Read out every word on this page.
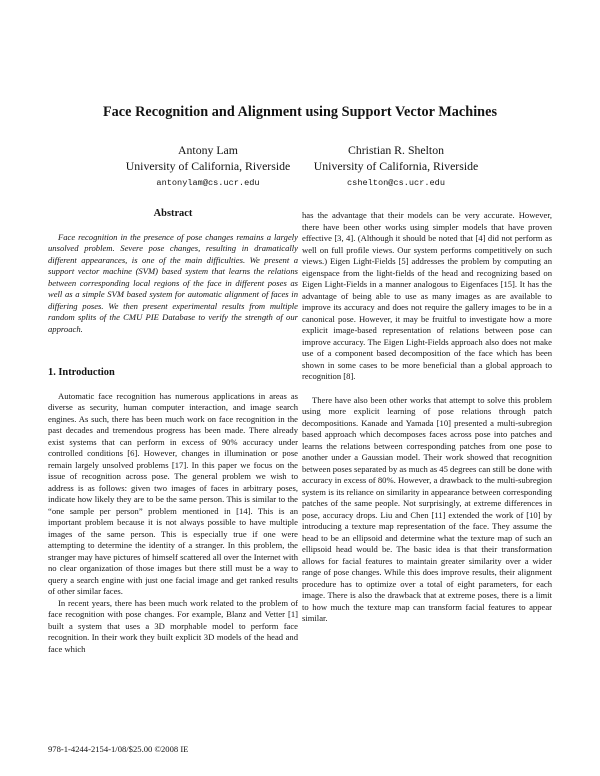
Face Recognition and Alignment using Support Vector Machines
Antony Lam
University of California, Riverside
antonylam@cs.ucr.edu
Christian R. Shelton
University of California, Riverside
cshelton@cs.ucr.edu
Abstract

Face recognition in the presence of pose changes remains a largely unsolved problem. Severe pose changes, resulting in dramatically different appearances, is one of the main difficulties. We present a support vector machine (SVM) based system that learns the relations between corresponding local regions of the face in different poses as well as a simple SVM based system for automatic alignment of faces in differing poses. We then present experimental results from multiple random splits of the CMU PIE Database to verify the strength of our approach.

1. Introduction

Automatic face recognition has numerous applications in areas as diverse as security, human computer interaction, and image search engines. As such, there has been much work on face recognition in the past decades and tremendous progress has been made. There already exist systems that can perform in excess of 90% accuracy under controlled conditions [6]. However, changes in illumination or pose remain largely unsolved problems [17]. In this paper we focus on the issue of recognition across pose. The general problem we wish to address is as follows: given two images of faces in arbitrary poses, indicate how likely they are to be the same person. This is similar to the “one sample per person” problem mentioned in [14]. This is an important problem because it is not always possible to have multiple images of the same person. This is especially true if one were attempting to determine the identity of a stranger. In this problem, the stranger may have pictures of himself scattered all over the Internet with no clear organization of those images but there still must be a way to query a search engine with just one facial image and get ranked results of other similar faces.

In recent years, there has been much work related to the problem of face recognition with pose changes. For example, Blanz and Vetter [1] built a system that uses a 3D morphable model to perform face recognition. In their work they built explicit 3D models of the head and face which

has the advantage that their models can be very accurate. However, there have been other works using simpler models that have proven effective [3, 4]. (Although it should be noted that [4] did not perform as well on full profile views. Our system performs competitively on such views.) Eigen Light-Fields [5] addresses the problem by computing an eigenspace from the light-fields of the head and recognizing based on Eigen Light-Fields in a manner analogous to Eigenfaces [15]. It has the advantage of being able to use as many images as are available to improve its accuracy and does not require the gallery images to be in a canonical pose. However, it may be fruitful to investigate how a more explicit image-based representation of relations between pose can improve accuracy. The Eigen Light-Fields approach also does not make use of a component based decomposition of the face which has been shown in some cases to be more beneficial than a global approach to recognition [8].

There have also been other works that attempt to solve this problem using more explicit learning of pose relations through patch decompositions. Kanade and Yamada [10] presented a multi-subregion based approach which decomposes faces across pose into patches and learns the relations between corresponding patches from one pose to another under a Gaussian model. Their work showed that recognition between poses separated by as much as 45 degrees can still be done with accuracy in excess of 80%. However, a drawback to the multi-subregion system is its reliance on similarity in appearance between corresponding patches of the same people. Not surprisingly, at extreme differences in pose, accuracy drops. Liu and Chen [11] extended the work of [10] by introducing a texture map representation of the face. They assume the head to be an ellipsoid and determine what the texture map of such an ellipsoid head would be. The basic idea is that their transformation allows for facial features to maintain greater similarity over a wider range of pose changes. While this does improve results, their alignment procedure has to optimize over a total of eight parameters, for each image. There is also the drawback that at extreme poses, there is a limit to how much the texture map can transform facial features to appear similar.

978-1-4244-2154-1/08/$25.00 ©2008 IE
